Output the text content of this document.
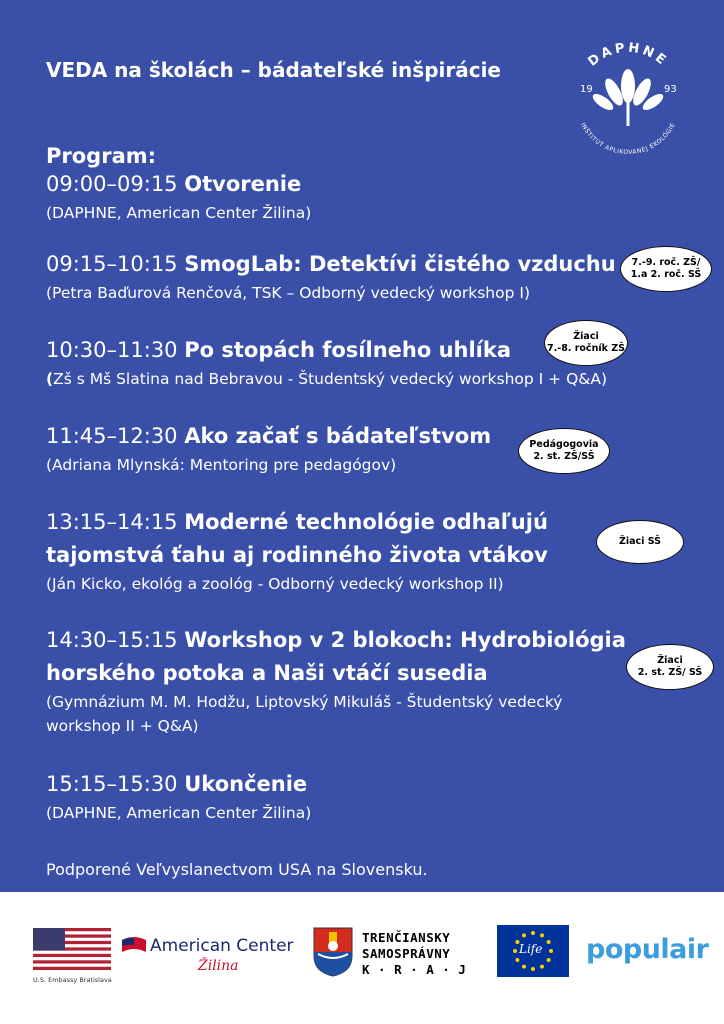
VEDA na školách – bádateľské inšpirácie	DAPHNE
INŠTITÚT APLIKOVANEJ EKOLÓGIE
19	93
Program:
09:00–09:15 Otvorenie
(DAPHNE, American Center Žilina)
09:15–10:15 SmogLab: Detektívi čistého vzduchu
(Petra Baďurová Renčová, TSK – Odborný vedecký workshop I)
7.-9. roč. ZŠ/
1.a 2. roč. SŠ
10:30–11:30 Po stopách fosílneho uhlíka
(Zš s Mš Slatina nad Bebravou - Študentský vedecký workshop I + Q&A)
Žiaci
7.-8. ročník ZŠ
11:45–12:30 Ako začať s bádateľstvom
(Adriana Mlynská: Mentoring pre pedagógov)
Pedágogovia
2. st. ZŠ/SŠ
13:15–14:15 Moderné technológie odhaľujú
tajomstvá ťahu aj rodinného života vtákov
(Ján Kicko, ekológ a zoológ - Odborný vedecký workshop II)
Žiaci SŠ
14:30–15:15 Workshop v 2 blokoch: Hydrobiológia
horského potoka a Naši vtáčí susedia
(Gymnázium M. M. Hodžu, Liptovský Mikuláš - Študentský vedecký
workshop II + Q&A)
Žiaci
2. st. ZŠ/ SŠ
15:15–15:30 Ukončenie
(DAPHNE, American Center Žilina)
Podporené Veľvyslanectvom USA na Slovensku.
U.S. Embassy Bratislava
American Center
Žilina
TRENČIANSKY
SAMOSPRÁVNY
K · R · A · J
Life populair
